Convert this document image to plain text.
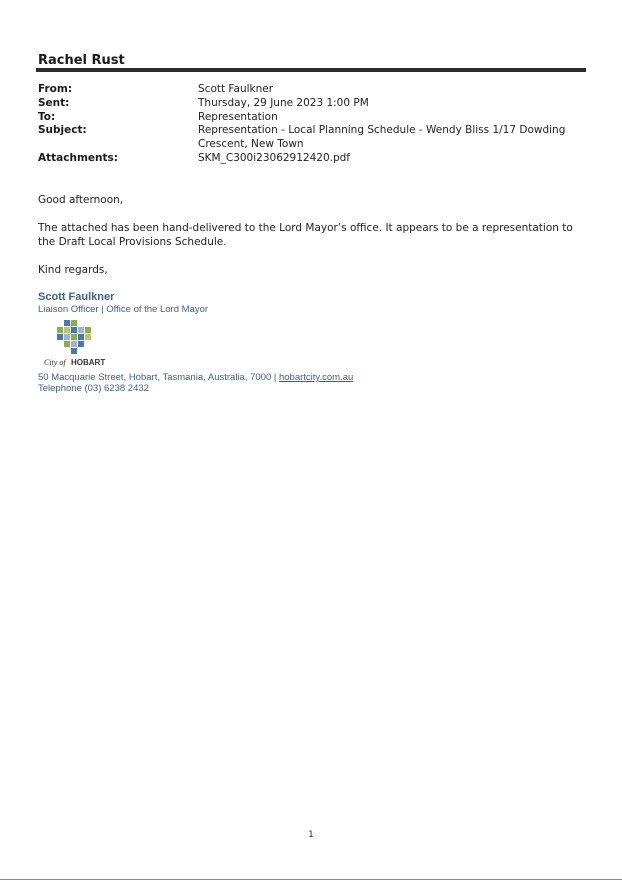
Rachel Rust
From:	Scott Faulkner
Sent:	Thursday, 29 June 2023 1:00 PM
To:	Representation
Subject:	Representation - Local Planning Schedule - Wendy Bliss 1/17 Dowding Crescent, New Town
Attachments:	SKM_C300i23062912420.pdf
Good afternoon,
The attached has been hand-delivered to the Lord Mayor’s office. It appears to be a representation to the Draft Local Provisions Schedule.
Kind regards,
Scott Faulkner
Liaison Officer | Office of the Lord Mayor
City of HOBART
50 Macquarie Street, Hobart, Tasmania, Australia, 7000 | hobartcity.com.au
Telephone (03) 6238 2432
1
